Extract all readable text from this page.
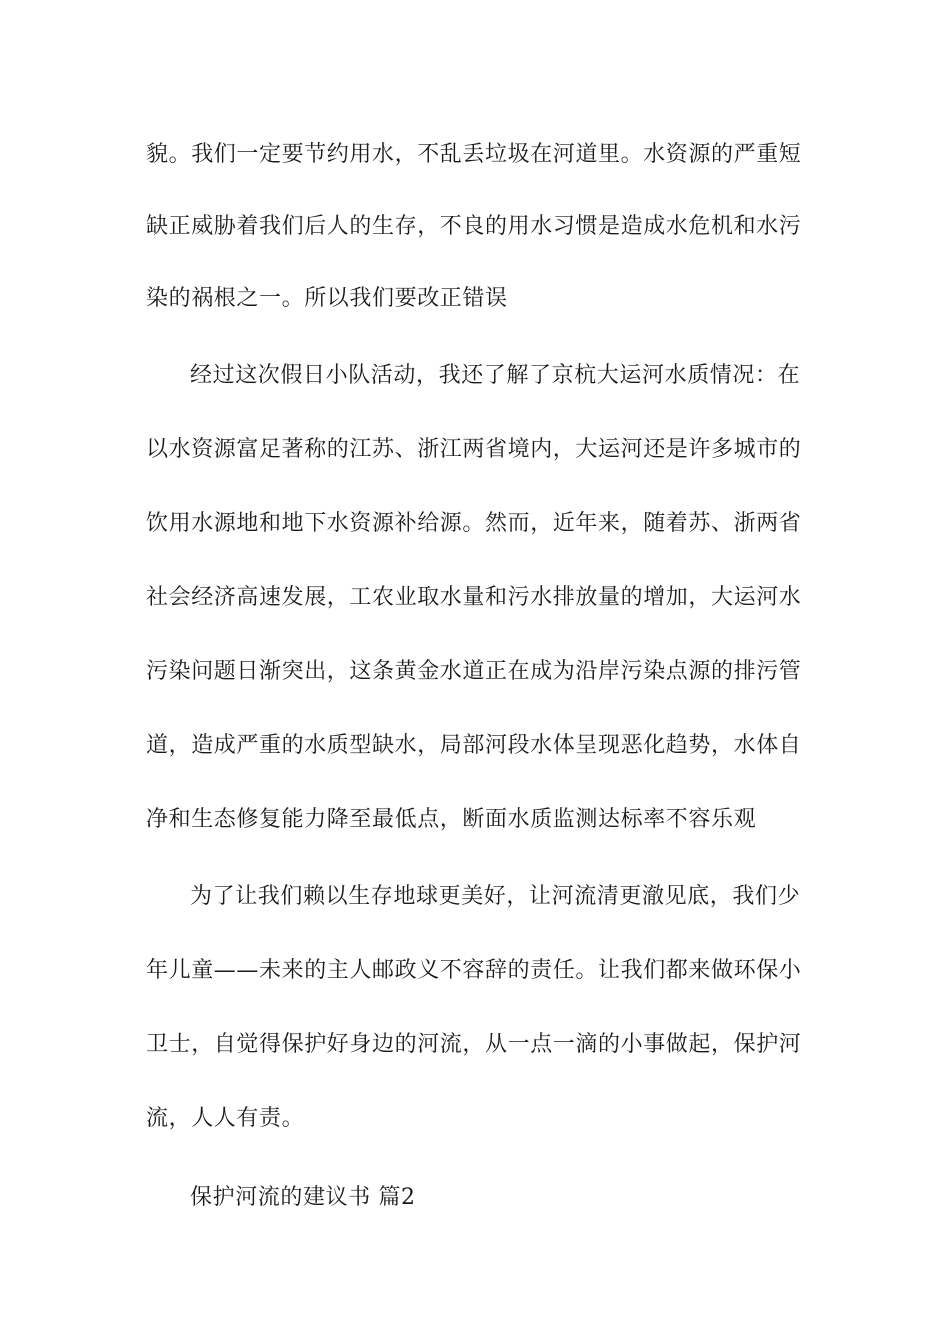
貌。我们一定要节约用水，不乱丢垃圾在河道里。水资源的严重短
缺正威胁着我们后人的生存，不良的用水习惯是造成水危机和水污
染的祸根之一。所以我们要改正错误
经过这次假日小队活动，我还了解了京杭大运河水质情况：在
以水资源富足著称的江苏、浙江两省境内，大运河还是许多城市的
饮用水源地和地下水资源补给源。然而，近年来，随着苏、浙两省
社会经济高速发展，工农业取水量和污水排放量的增加，大运河水
污染问题日渐突出，这条黄金水道正在成为沿岸污染点源的排污管
道，造成严重的水质型缺水，局部河段水体呈现恶化趋势，水体自
净和生态修复能力降至最低点，断面水质监测达标率不容乐观
为了让我们赖以生存地球更美好，让河流清更澈见底，我们少
年儿童——未来的主人邮政义不容辞的责任。让我们都来做环保小
卫士，自觉得保护好身边的河流，从一点一滴的小事做起，保护河
流，人人有责。
保护河流的建议书 篇2
